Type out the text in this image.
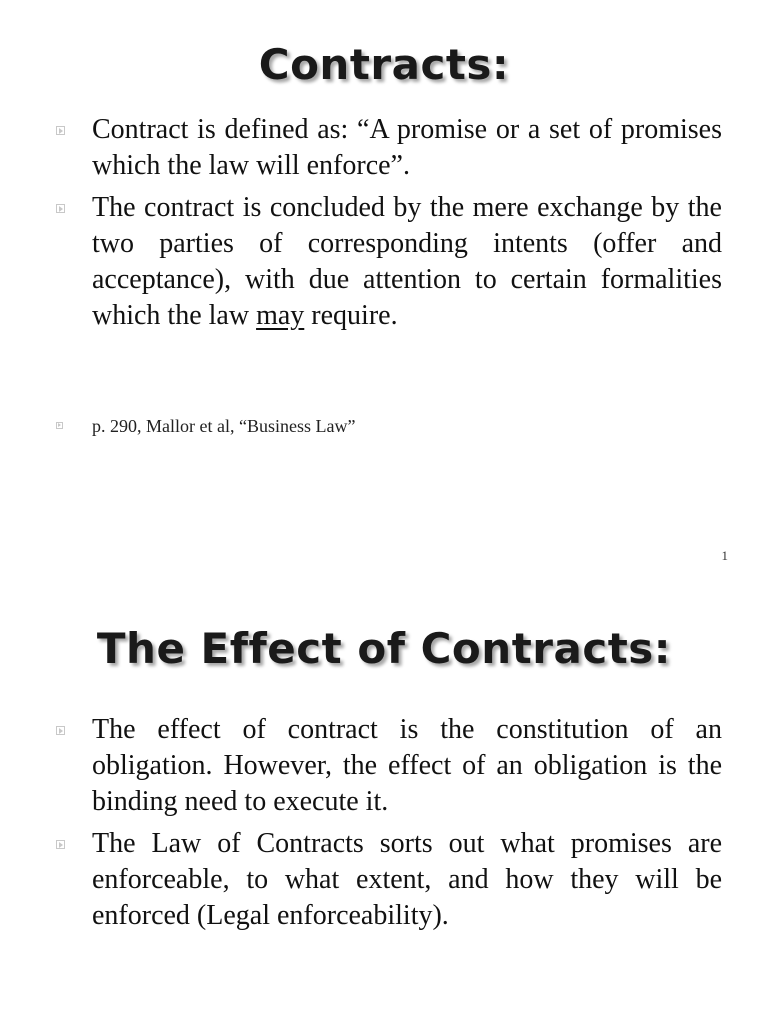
Contracts:
Contract is defined as: “A promise or a set of promises which the law will enforce”.
The contract is concluded by the mere exchange by the two parties of corresponding intents (offer and acceptance), with due attention to certain formalities which the law may require.
p. 290, Mallor et al, “Business Law”
1
The Effect of Contracts:
The effect of contract is the constitution of an obligation. However, the effect of an obligation is the binding need to execute it.
The Law of Contracts sorts out what promises are enforceable, to what extent, and how they will be enforced (Legal enforceability).
